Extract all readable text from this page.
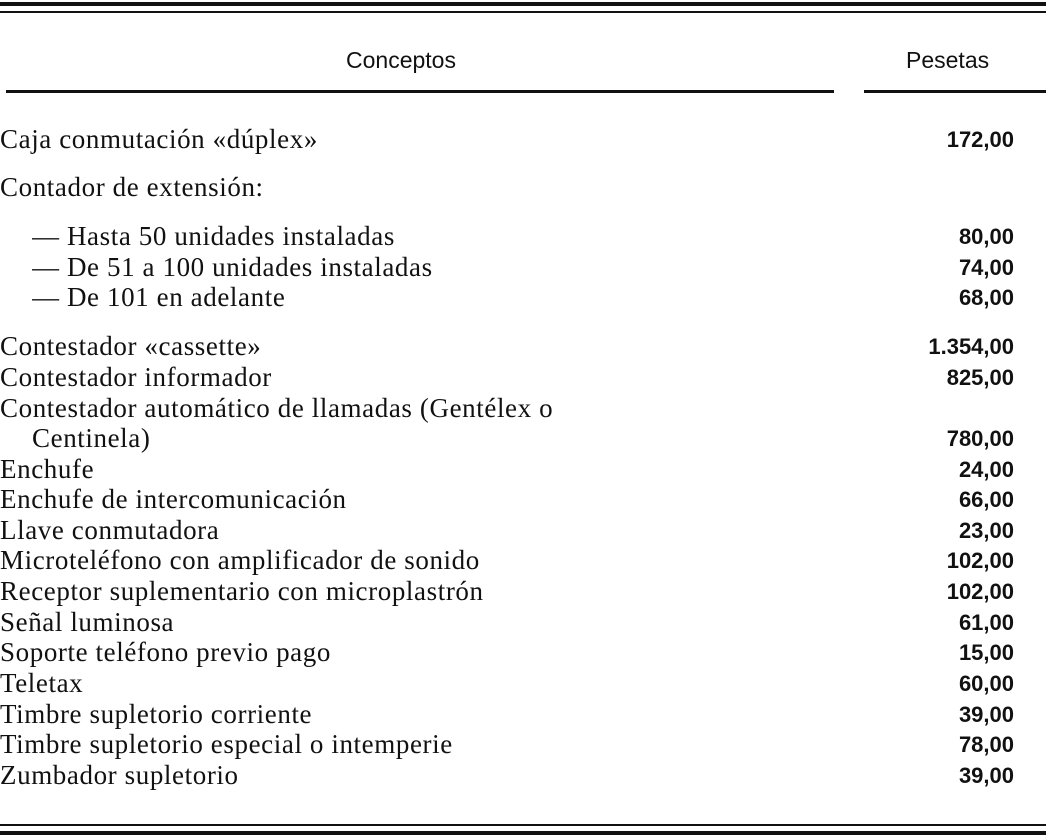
Conceptos	Pesetas
Caja conmutación «dúplex»	172,00
Contador de extensión:
— Hasta 50 unidades instaladas	80,00
— De 51 a 100 unidades instaladas	74,00
— De 101 en adelante	68,00
Contestador «cassette»	1.354,00
Contestador informador	825,00
Contestador automático de llamadas (Gentélex o
Centinela)	780,00
Enchufe	24,00
Enchufe de intercomunicación	66,00
Llave conmutadora	23,00
Microteléfono con amplificador de sonido	102,00
Receptor suplementario con microplastrón	102,00
Señal luminosa	61,00
Soporte teléfono previo pago	15,00
Teletax	60,00
Timbre supletorio corriente	39,00
Timbre supletorio especial o intemperie	78,00
Zumbador supletorio	39,00
